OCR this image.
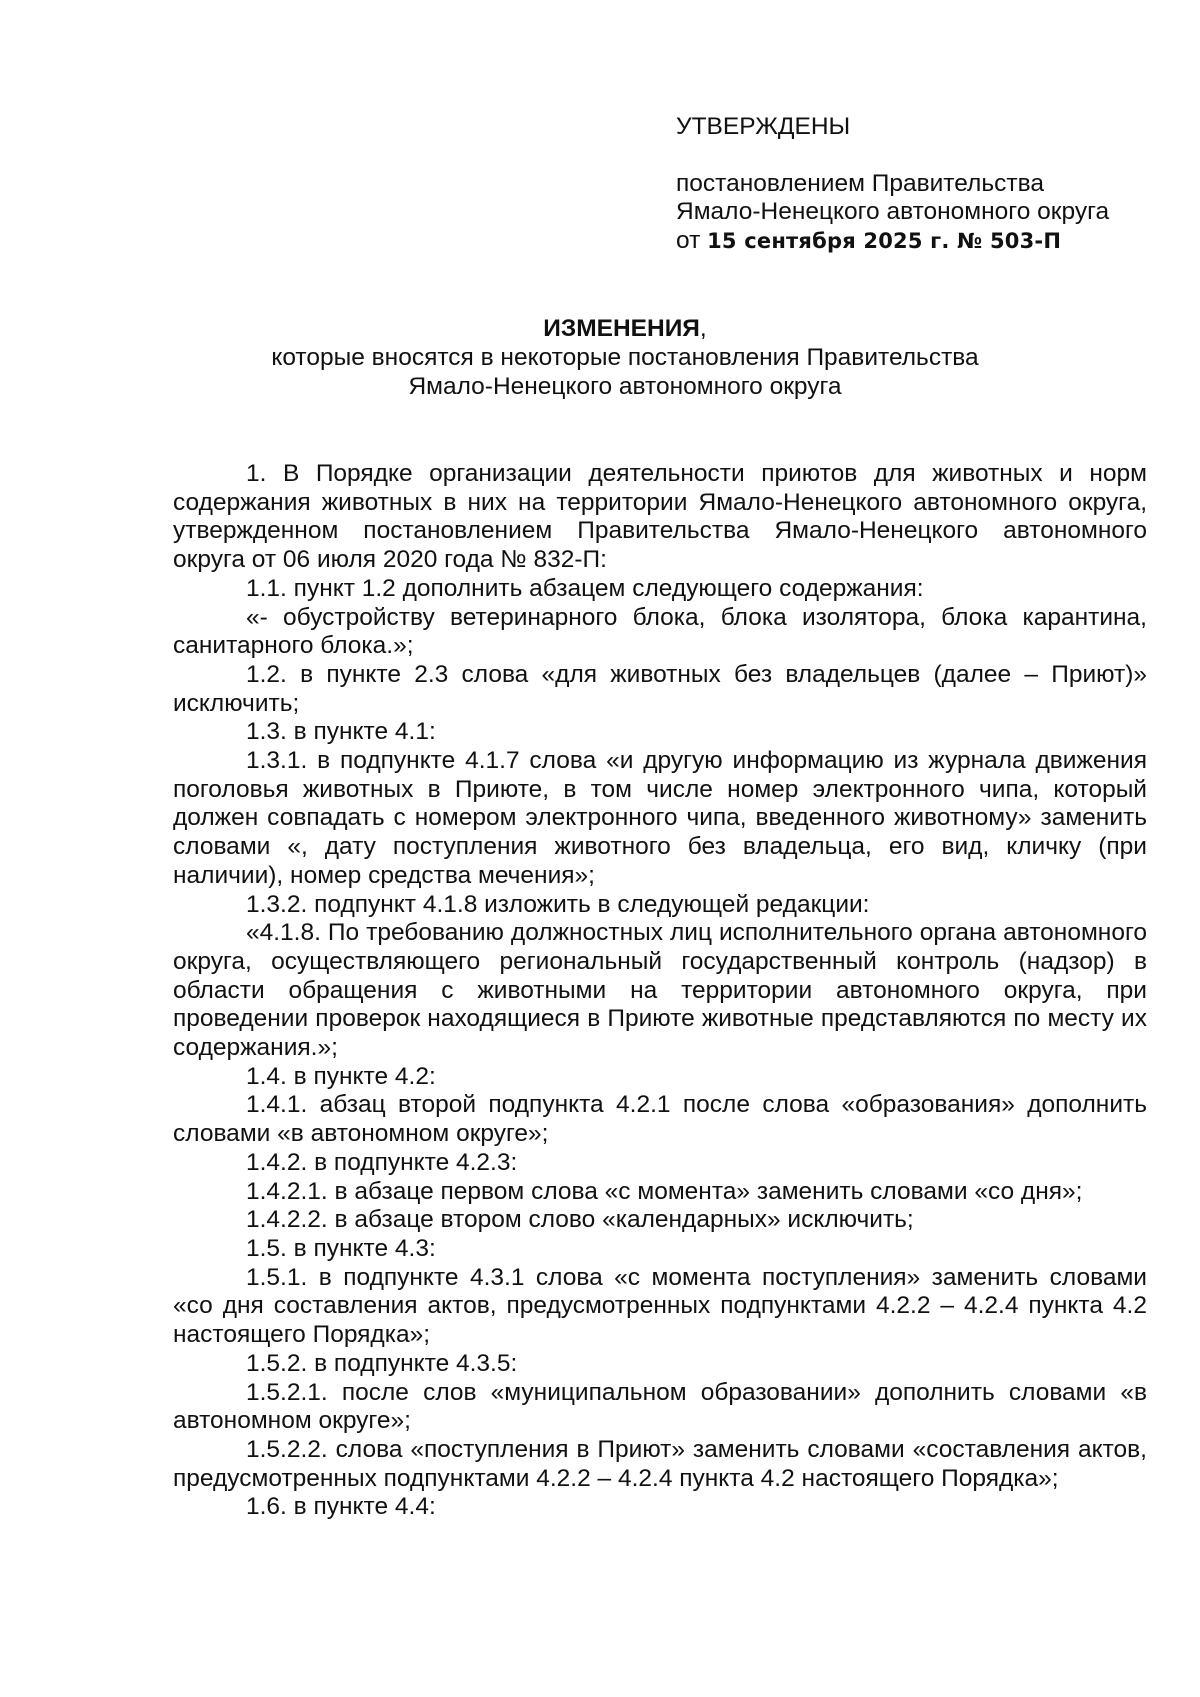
УТВЕРЖДЕНЫ
постановлением Правительства
Ямало-Ненецкого автономного округа
от 15 сентября 2025 г. № 503-П
ИЗМЕНЕНИЯ,
которые вносятся в некоторые постановления Правительства
Ямало-Ненецкого автономного округа

1. В Порядке организации деятельности приютов для животных и норм содержания животных в них на территории Ямало-Ненецкого автономного округа, утвержденном постановлением Правительства Ямало-Ненецкого автономного округа от 06 июля 2020 года № 832-П:

1.1. пункт 1.2 дополнить абзацем следующего содержания:

«- обустройству ветеринарного блока, блока изолятора, блока карантина, санитарного блока.»;

1.2. в пункте 2.3 слова «для животных без владельцев (далее – Приют)» исключить;

1.3. в пункте 4.1:

1.3.1. в подпункте 4.1.7 слова «и другую информацию из журнала движения поголовья животных в Приюте, в том числе номер электронного чипа, который должен совпадать с номером электронного чипа, введенного животному» заменить словами «, дату поступления животного без владельца, его вид, кличку (при наличии), номер средства мечения»;

1.3.2. подпункт 4.1.8 изложить в следующей редакции:

«4.1.8. По требованию должностных лиц исполнительного органа автономного округа, осуществляющего региональный государственный контроль (надзор) в области обращения с животными на территории автономного округа, при проведении проверок находящиеся в Приюте животные представляются по месту их содержания.»;

1.4. в пункте 4.2:

1.4.1. абзац второй подпункта 4.2.1 после слова «образования» дополнить словами «в автономном округе»;

1.4.2. в подпункте 4.2.3:

1.4.2.1. в абзаце первом слова «с момента» заменить словами «со дня»;

1.4.2.2. в абзаце втором слово «календарных» исключить;

1.5. в пункте 4.3:

1.5.1. в подпункте 4.3.1 слова «с момента поступления» заменить словами «со дня составления актов, предусмотренных подпунктами 4.2.2 – 4.2.4 пункта 4.2 настоящего Порядка»;

1.5.2. в подпункте 4.3.5:

1.5.2.1. после слов «муниципальном образовании» дополнить словами «в автономном округе»;

1.5.2.2. слова «поступления в Приют» заменить словами «составления актов, предусмотренных подпунктами 4.2.2 – 4.2.4 пункта 4.2 настоящего Порядка»;

1.6. в пункте 4.4:
